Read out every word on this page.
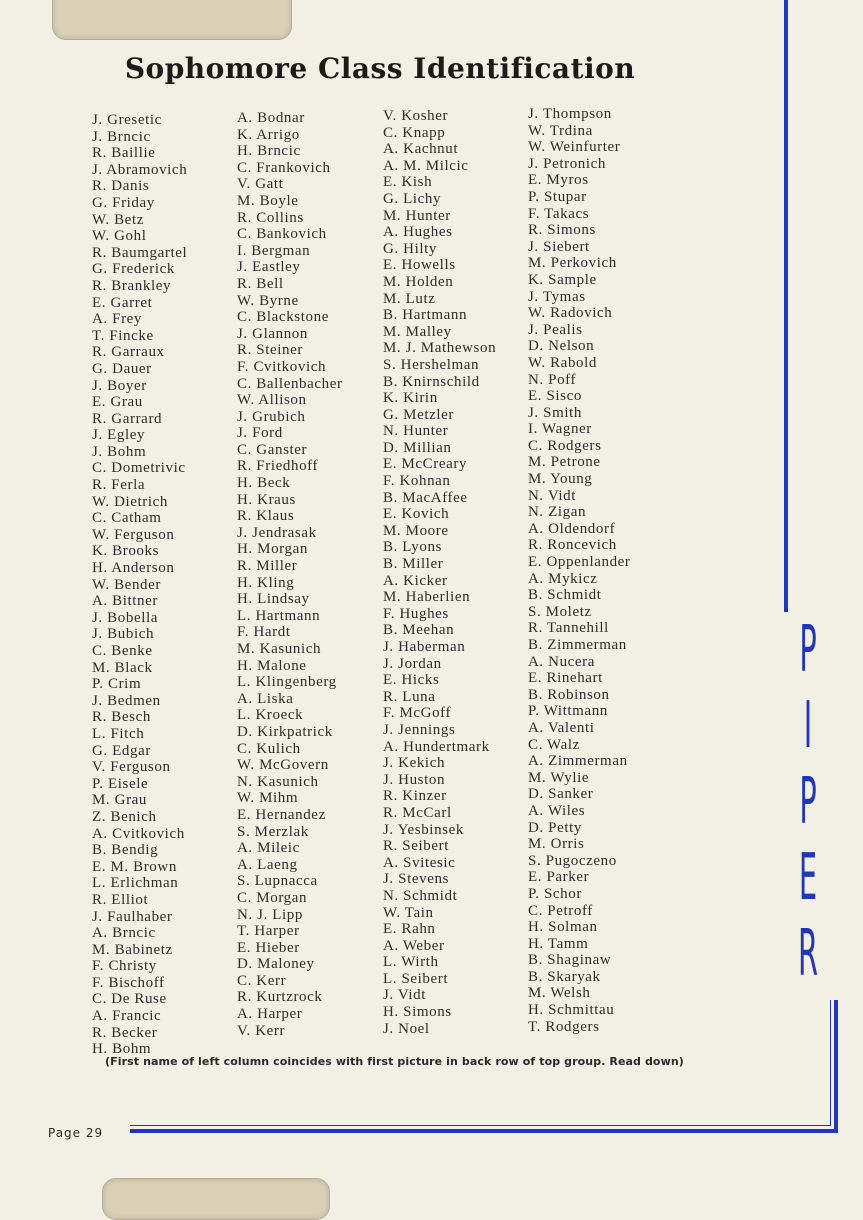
Sophomore Class Identification
J. Gresetic
J. Brncic
R. Baillie
J. Abramovich
R. Danis
G. Friday
W. Betz
W. Gohl
R. Baumgartel
G. Frederick
R. Brankley
E. Garret
A. Frey
T. Fincke
R. Garraux
G. Dauer
J. Boyer
E. Grau
R. Garrard
J. Egley
J. Bohm
C. Dometrivic
R. Ferla
W. Dietrich
C. Catham
W. Ferguson
K. Brooks
H. Anderson
W. Bender
A. Bittner
J. Bobella
J. Bubich
C. Benke
M. Black
P. Crim
J. Bedmen
R. Besch
L. Fitch
G. Edgar
V. Ferguson
P. Eisele
M. Grau
Z. Benich
A. Cvitkovich
B. Bendig
E. M. Brown
L. Erlichman
R. Elliot
J. Faulhaber
A. Brncic
M. Babinetz
F. Christy
F. Bischoff
C. De Ruse
A. Francic
R. Becker
H. Bohm
A. Bodnar
K. Arrigo
H. Brncic
C. Frankovich
V. Gatt
M. Boyle
R. Collins
C. Bankovich
I. Bergman
J. Eastley
R. Bell
W. Byrne
C. Blackstone
J. Glannon
R. Steiner
F. Cvitkovich
C. Ballenbacher
W. Allison
J. Grubich
J. Ford
C. Ganster
R. Friedhoff
H. Beck
H. Kraus
R. Klaus
J. Jendrasak
H. Morgan
R. Miller
H. Kling
H. Lindsay
L. Hartmann
F. Hardt
M. Kasunich
H. Malone
L. Klingenberg
A. Liska
L. Kroeck
D. Kirkpatrick
C. Kulich
W. McGovern
N. Kasunich
W. Mihm
E. Hernandez
S. Merzlak
A. Mileic
A. Laeng
S. Lupnacca
C. Morgan
N. J. Lipp
T. Harper
E. Hieber
D. Maloney
C. Kerr
R. Kurtzrock
A. Harper
V. Kerr
V. Kosher
C. Knapp
A. Kachnut
A. M. Milcic
E. Kish
G. Lichy
M. Hunter
A. Hughes
G. Hilty
E. Howells
M. Holden
M. Lutz
B. Hartmann
M. Malley
M. J. Mathewson
S. Hershelman
B. Knirnschild
K. Kirin
G. Metzler
N. Hunter
D. Millian
E. McCreary
F. Kohnan
B. MacAffee
E. Kovich
M. Moore
B. Lyons
B. Miller
A. Kicker
M. Haberlien
F. Hughes
B. Meehan
J. Haberman
J. Jordan
E. Hicks
R. Luna
F. McGoff
J. Jennings
A. Hundertmark
J. Kekich
J. Huston
R. Kinzer
R. McCarl
J. Yesbinsek
R. Seibert
A. Svitesic
J. Stevens
N. Schmidt
W. Tain
E. Rahn
A. Weber
L. Wirth
L. Seibert
J. Vidt
H. Simons
J. Noel
J. Thompson
W. Trdina
W. Weinfurter
J. Petronich
E. Myros
P. Stupar
F. Takacs
R. Simons
J. Siebert
M. Perkovich
K. Sample
J. Tymas
W. Radovich
J. Pealis
D. Nelson
W. Rabold
N. Poff
E. Sisco
J. Smith
I. Wagner
C. Rodgers
M. Petrone
M. Young
N. Vidt
N. Zigan
A. Oldendorf
R. Roncevich
E. Oppenlander
A. Mykicz
B. Schmidt
S. Moletz
R. Tannehill
B. Zimmerman
A. Nucera
E. Rinehart
B. Robinson
P. Wittmann
A. Valenti
C. Walz
A. Zimmerman
M. Wylie
D. Sanker
A. Wiles
D. Petty
M. Orris
S. Pugoczeno
E. Parker
P. Schor
C. Petroff
H. Solman
H. Tamm
B. Shaginaw
B. Skaryak
M. Welsh
H. Schmittau
T. Rodgers
(First name of left column coincides with first picture in back row of top group. Read down)
Page 29
P
I
P
E
R
